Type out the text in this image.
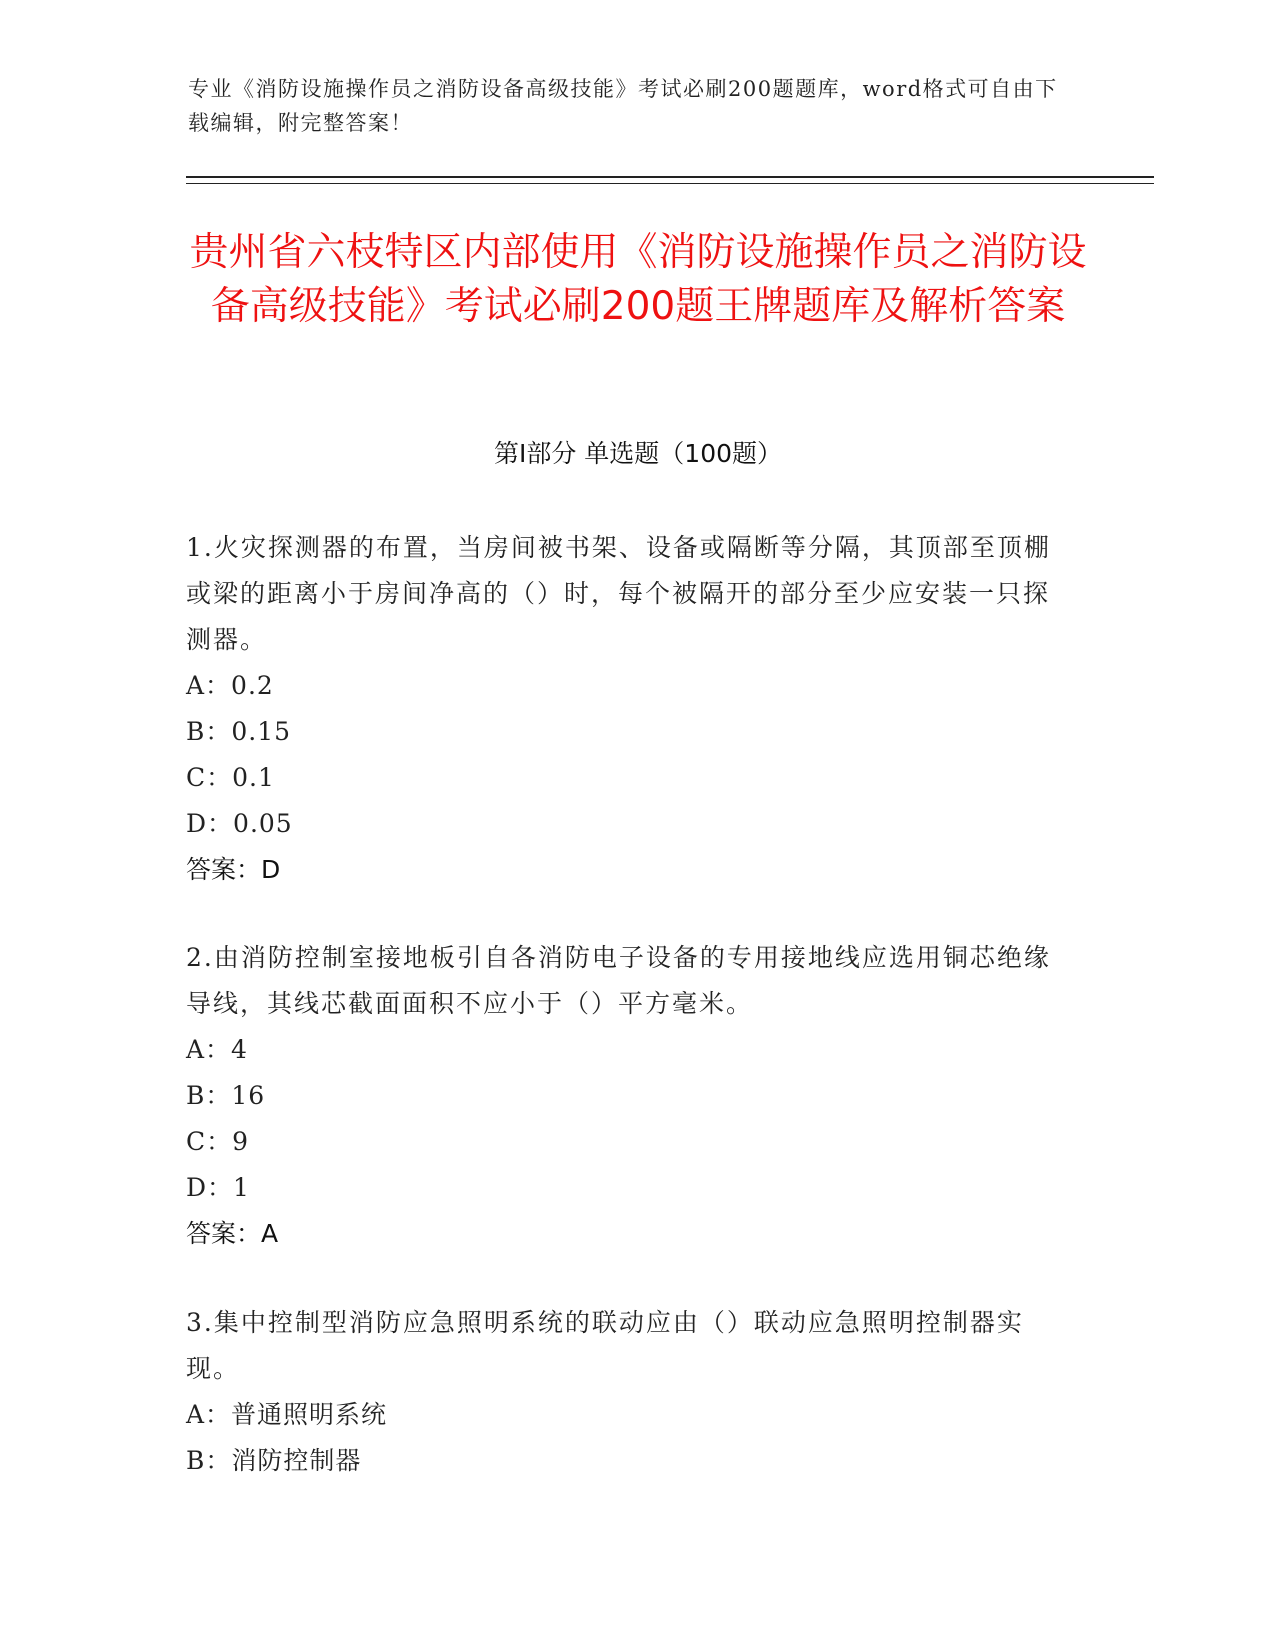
专业《消防设施操作员之消防设备高级技能》考试必刷200题题库，word格式可自由下载编辑，附完整答案！
贵州省六枝特区内部使用《消防设施操作员之消防设备高级技能》考试必刷200题王牌题库及解析答案
第Ⅰ部分 单选题（100题）

1.火灾探测器的布置，当房间被书架、设备或隔断等分隔，其顶部至顶棚或梁的距离小于房间净高的（）时，每个被隔开的部分至少应安装一只探测器。

A：0.2

B：0.15

C：0.1

D：0.05

答案：D

2.由消防控制室接地板引自各消防电子设备的专用接地线应选用铜芯绝缘导线，其线芯截面面积不应小于（）平方毫米。

A：4

B：16

C：9

D：1

答案：A

3.集中控制型消防应急照明系统的联动应由（）联动应急照明控制器实现。

A：普通照明系统

B：消防控制器
